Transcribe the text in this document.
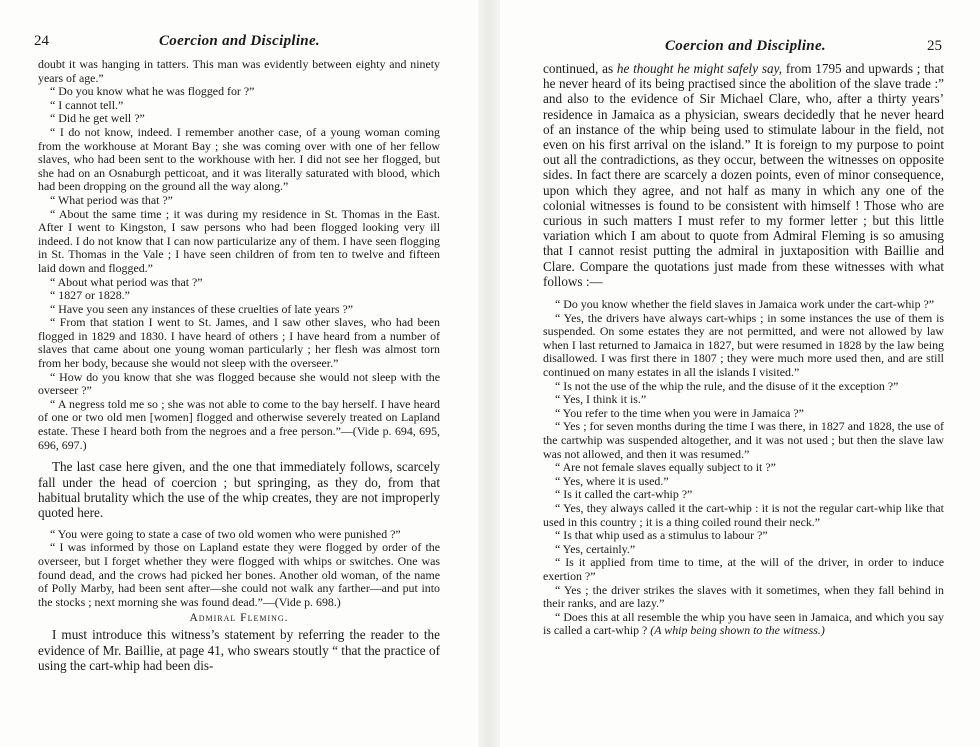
24	Coercion and Discipline.

doubt it was hanging in tatters. This man was evidently between eighty and ninety years of age.”

“ Do you know what he was flogged for ?”

“ I cannot tell.”

“ Did he get well ?”

“ I do not know, indeed. I remember another case, of a young woman coming from the workhouse at Morant Bay ; she was coming over with one of her fellow slaves, who had been sent to the workhouse with her. I did not see her flogged, but she had on an Osnaburgh petticoat, and it was literally saturated with blood, which had been dropping on the ground all the way along.”

“ What period was that ?”

“ About the same time ; it was during my residence in St. Thomas in the East. After I went to Kingston, I saw persons who had been flogged looking very ill indeed. I do not know that I can now particularize any of them. I have seen flogging in St. Thomas in the Vale ; I have seen children of from ten to twelve and fifteen laid down and flogged.”

“ About what period was that ?”

“ 1827 or 1828.”

“ Have you seen any instances of these cruelties of late years ?”

“ From that station I went to St. James, and I saw other slaves, who had been flogged in 1829 and 1830. I have heard of others ; I have heard from a number of slaves that came about one young woman particularly ; her flesh was almost torn from her body, because she would not sleep with the overseer.”

“ How do you know that she was flogged because she would not sleep with the overseer ?”

“ A negress told me so ; she was not able to come to the bay herself. I have heard of one or two old men [women] flogged and otherwise severely treated on Lapland estate. These I heard both from the negroes and a free person.”—(Vide p. 694, 695, 696, 697.)

The last case here given, and the one that immediately follows, scarcely fall under the head of coercion ; but springing, as they do, from that habitual brutality which the use of the whip creates, they are not improperly quoted here.

“ You were going to state a case of two old women who were punished ?”

“ I was informed by those on Lapland estate they were flogged by order of the overseer, but I forget whether they were flogged with whips or switches. One was found dead, and the crows had picked her bones. Another old woman, of the name of Polly Marby, had been sent after—she could not walk any farther—and put into the stocks ; next morning she was found dead.”—(Vide p. 698.)

Admiral Fleming.

I must introduce this witness’s statement by referring the reader to the evidence of Mr. Baillie, at page 41, who swears stoutly “ that the practice of using the cart-whip had been dis-

Coercion and Discipline.	25

continued, as he thought he might safely say, from 1795 and upwards ; that he never heard of its being practised since the abolition of the slave trade :” and also to the evidence of Sir Michael Clare, who, after a thirty years’ residence in Jamaica as a physician, swears decidedly that he never heard of an instance of the whip being used to stimulate labour in the field, not even on his first arrival on the island.” It is foreign to my purpose to point out all the contradictions, as they occur, between the witnesses on opposite sides. In fact there are scarcely a dozen points, even of minor consequence, upon which they agree, and not half as many in which any one of the colonial witnesses is found to be consistent with himself ! Those who are curious in such matters I must refer to my former letter ; but this little variation which I am about to quote from Admiral Fleming is so amusing that I cannot resist putting the admiral in juxtaposition with Baillie and Clare. Compare the quotations just made from these witnesses with what follows :—

“ Do you know whether the field slaves in Jamaica work under the cart-whip ?”

“ Yes, the drivers have always cart-whips ; in some instances the use of them is suspended. On some estates they are not permitted, and were not allowed by law when I last returned to Jamaica in 1827, but were resumed in 1828 by the law being disallowed. I was first there in 1807 ; they were much more used then, and are still continued on many estates in all the islands I visited.”

“ Is not the use of the whip the rule, and the disuse of it the exception ?”

“ Yes, I think it is.”

“ You refer to the time when you were in Jamaica ?”

“ Yes ; for seven months during the time I was there, in 1827 and 1828, the use of the cartwhip was suspended altogether, and it was not used ; but then the slave law was not allowed, and then it was resumed.”

“ Are not female slaves equally subject to it ?”

“ Yes, where it is used.”

“ Is it called the cart-whip ?”

“ Yes, they always called it the cart-whip : it is not the regular cart-whip like that used in this country ; it is a thing coiled round their neck.”

“ Is that whip used as a stimulus to labour ?”

“ Yes, certainly.”

“ Is it applied from time to time, at the will of the driver, in order to induce exertion ?”

“ Yes ; the driver strikes the slaves with it sometimes, when they fall behind in their ranks, and are lazy.”

“ Does this at all resemble the whip you have seen in Jamaica, and which you say is called a cart-whip ? (A whip being shown to the witness.)
